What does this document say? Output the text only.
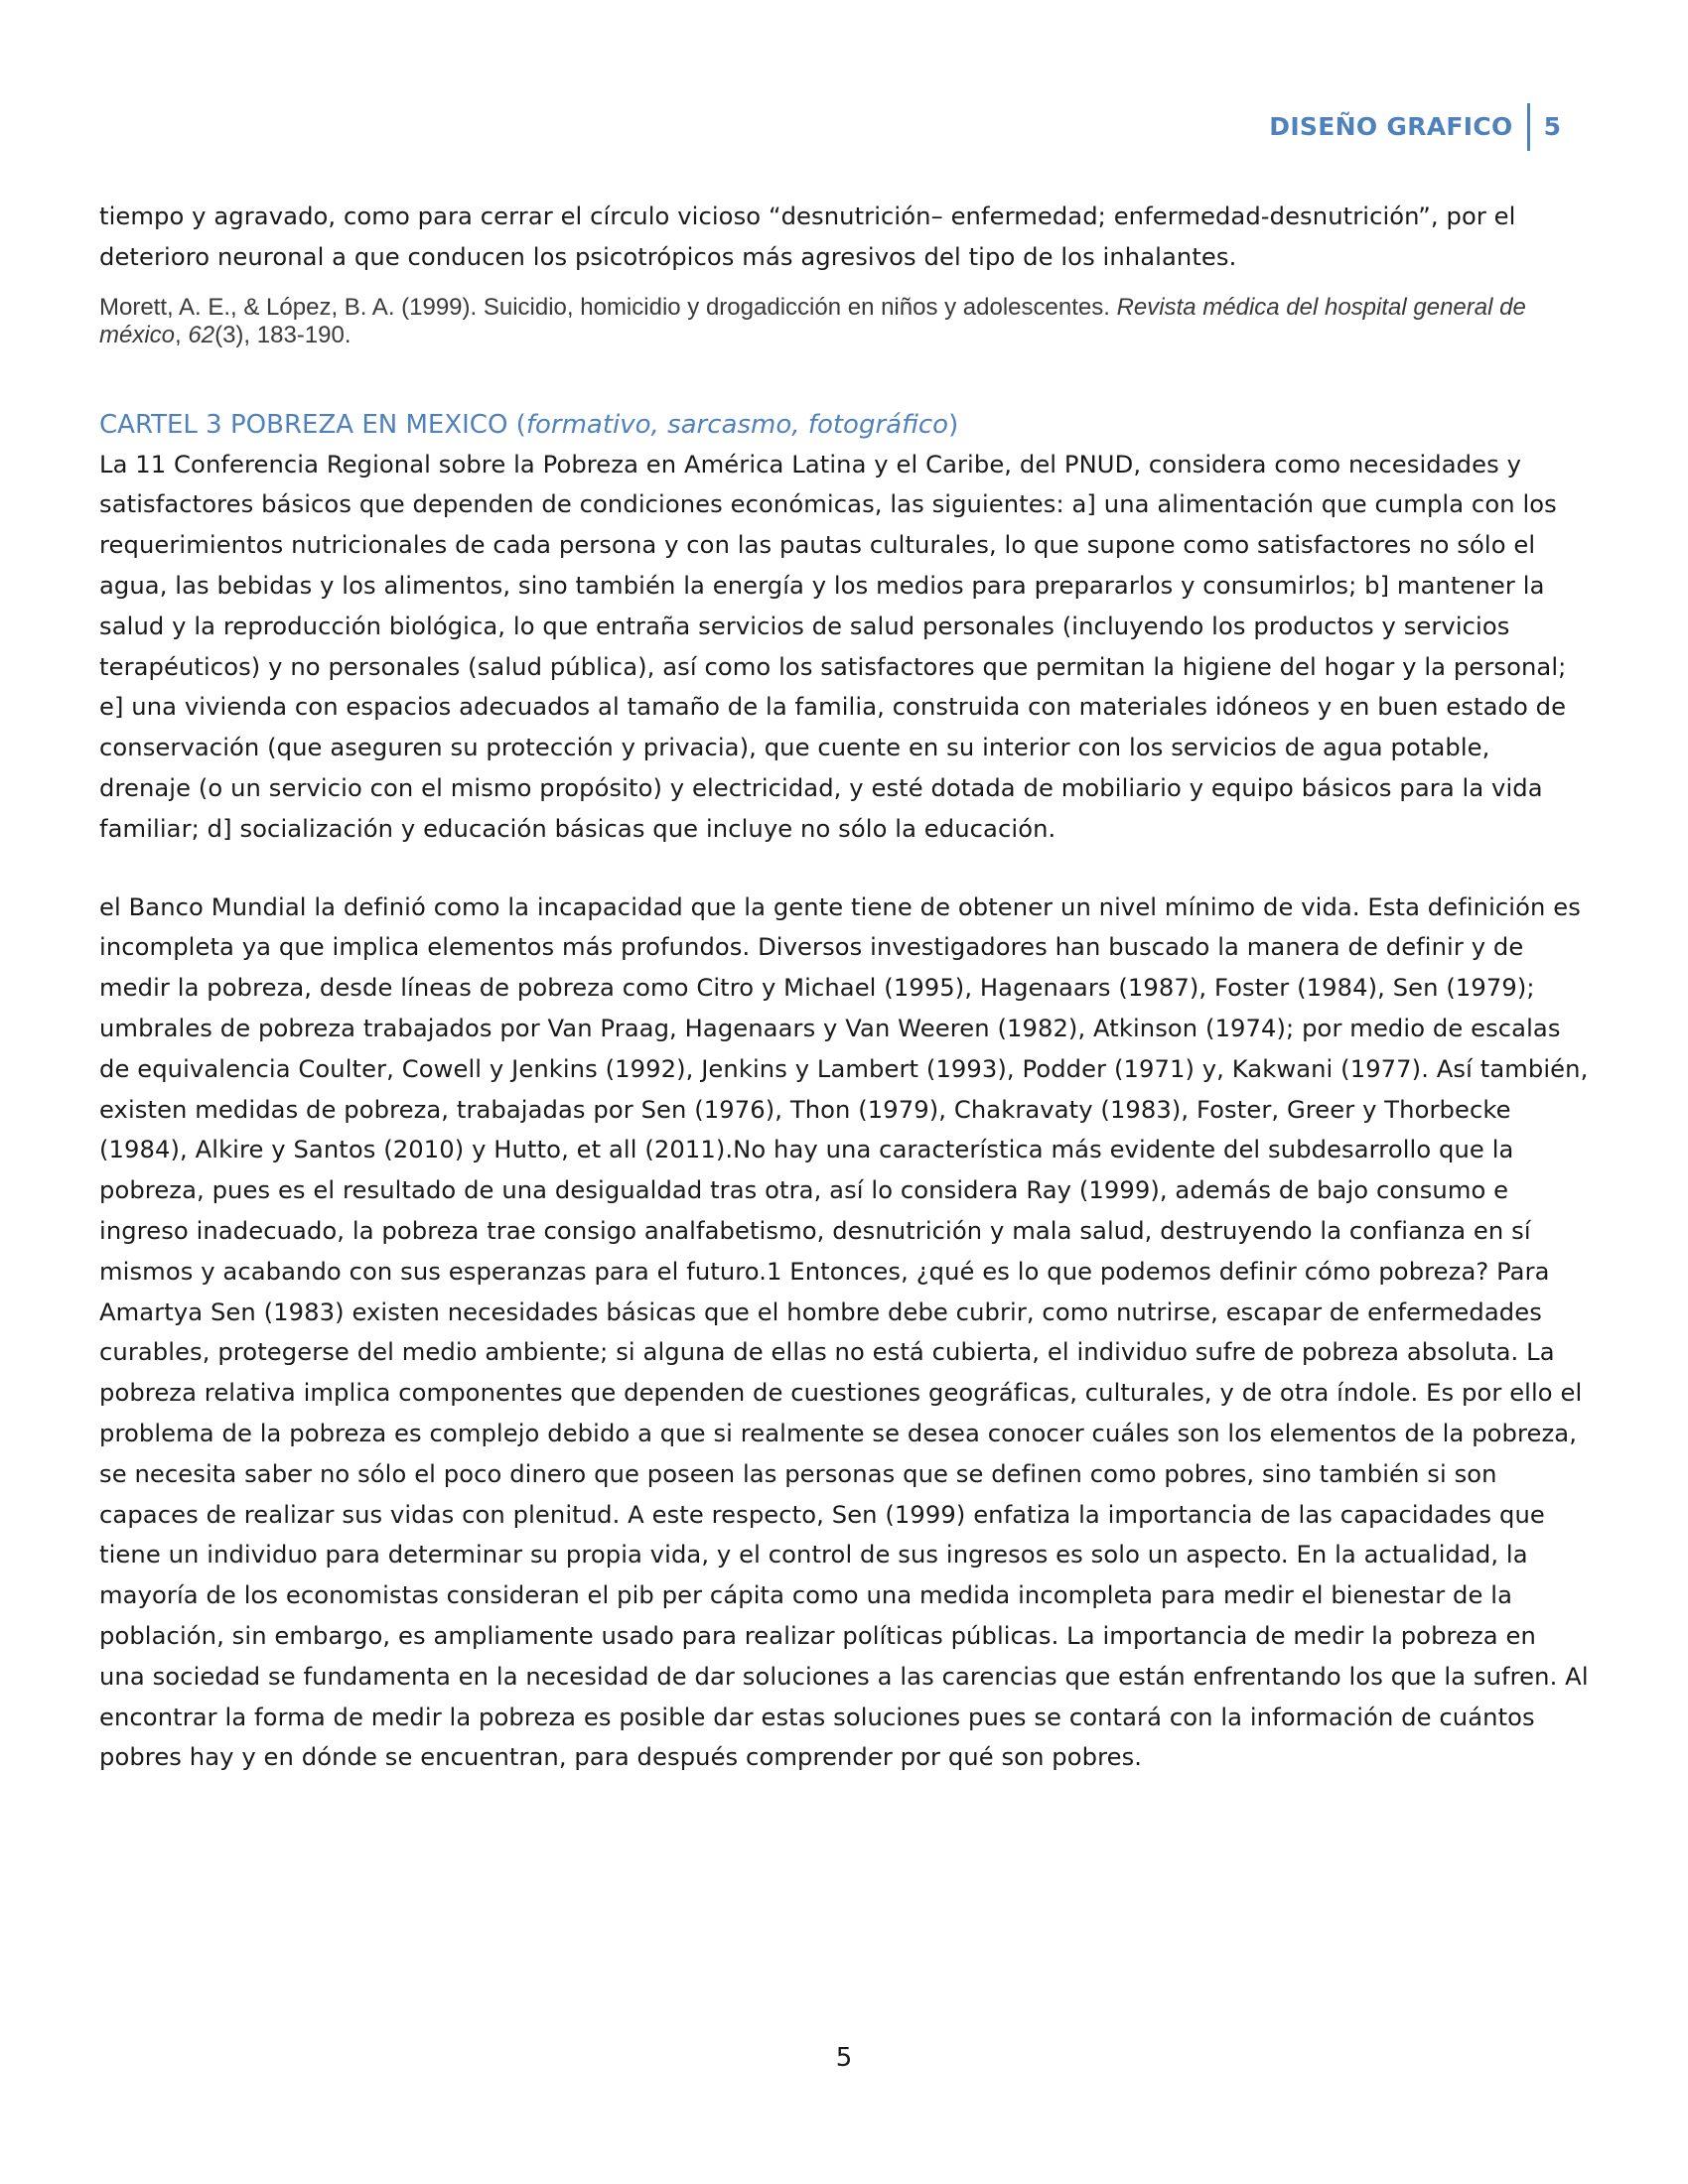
DISEÑO GRAFICO	5

tiempo y agravado, como para cerrar el círculo vicioso “desnutrición– enfermedad; enfermedad-desnutrición”, por el deterioro neuronal a que conducen los psicotrópicos más agresivos del tipo de los inhalantes.

Morett, A. E., & López, B. A. (1999). Suicidio, homicidio y drogadicción en niños y adolescentes. Revista médica del hospital general de méxico, 62(3), 183-190.

CARTEL 3 POBREZA EN MEXICO (formativo, sarcasmo, fotográfico)

La 11 Conferencia Regional sobre la Pobreza en América Latina y el Caribe, del PNUD, considera como necesidades y satisfactores básicos que dependen de condiciones económicas, las siguientes: a] una alimentación que cumpla con los requerimientos nutricionales de cada persona y con las pautas culturales, lo que supone como satisfactores no sólo el agua, las bebidas y los alimentos, sino también la energía y los medios para prepararlos y consumirlos; b] mantener la salud y la reproducción biológica, lo que entraña servicios de salud personales (incluyendo los productos y servicios terapéuticos) y no personales (salud pública), así como los satisfactores que permitan la higiene del hogar y la personal; e] una vivienda con espacios adecuados al tamaño de la familia, construida con materiales idóneos y en buen estado de conservación (que aseguren su protección y privacia), que cuente en su interior con los servicios de agua potable, drenaje (o un servicio con el mismo propósito) y electricidad, y esté dotada de mobiliario y equipo básicos para la vida familiar; d] socialización y educación básicas que incluye no sólo la educación.

el Banco Mundial la definió como la incapacidad que la gente tiene de obtener un nivel mínimo de vida. Esta definición es incompleta ya que implica elementos más profundos. Diversos investigadores han buscado la manera de definir y de medir la pobreza, desde líneas de pobreza como Citro y Michael (1995), Hagenaars (1987), Foster (1984), Sen (1979); umbrales de pobreza trabajados por Van Praag, Hagenaars y Van Weeren (1982), Atkinson (1974); por medio de escalas de equivalencia Coulter, Cowell y Jenkins (1992), Jenkins y Lambert (1993), Podder (1971) y, Kakwani (1977). Así también, existen medidas de pobreza, trabajadas por Sen (1976), Thon (1979), Chakravaty (1983), Foster, Greer y Thorbecke (1984), Alkire y Santos (2010) y Hutto, et all (2011).No hay una característica más evidente del subdesarrollo que la pobreza, pues es el resultado de una desigualdad tras otra, así lo considera Ray (1999), además de bajo consumo e ingreso inadecuado, la pobreza trae consigo analfabetismo, desnutrición y mala salud, destruyendo la confianza en sí mismos y acabando con sus esperanzas para el futuro.1 Entonces, ¿qué es lo que podemos definir cómo pobreza? Para Amartya Sen (1983) existen necesidades básicas que el hombre debe cubrir, como nutrirse, escapar de enfermedades curables, protegerse del medio ambiente; si alguna de ellas no está cubierta, el individuo sufre de pobreza absoluta. La pobreza relativa implica componentes que dependen de cuestiones geográficas, culturales, y de otra índole. Es por ello el problema de la pobreza es complejo debido a que si realmente se desea conocer cuáles son los elementos de la pobreza, se necesita saber no sólo el poco dinero que poseen las personas que se definen como pobres, sino también si son capaces de realizar sus vidas con plenitud. A este respecto, Sen (1999) enfatiza la importancia de las capacidades que tiene un individuo para determinar su propia vida, y el control de sus ingresos es solo un aspecto. En la actualidad, la mayoría de los economistas consideran el pib per cápita como una medida incompleta para medir el bienestar de la población, sin embargo, es ampliamente usado para realizar políticas públicas. La importancia de medir la pobreza en una sociedad se fundamenta en la necesidad de dar soluciones a las carencias que están enfrentando los que la sufren. Al encontrar la forma de medir la pobreza es posible dar estas soluciones pues se contará con la información de cuántos pobres hay y en dónde se encuentran, para después comprender por qué son pobres.

5
